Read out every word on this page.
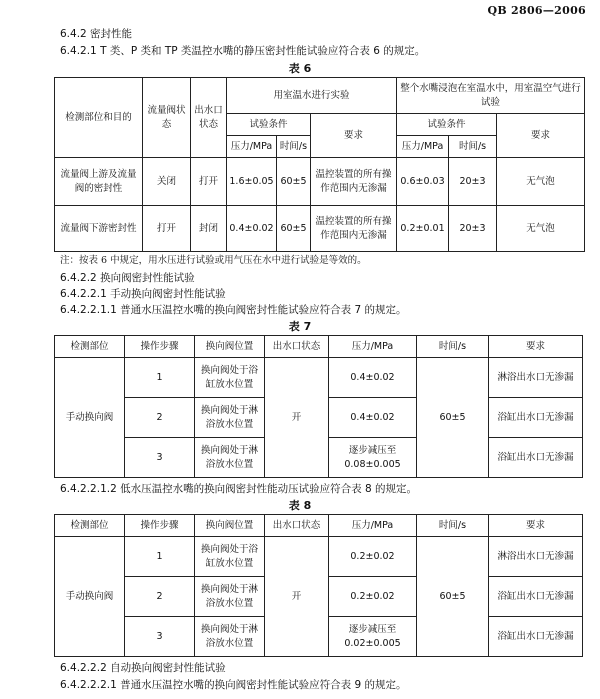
QB 2806—2006
6.4.2 密封性能
6.4.2.1 T 类、P 类和 TP 类温控水嘴的静压密封性能试验应符合表 6 的规定。
表 6
检测部位和目的	流量阀状态	出水口状态	用室温水进行实验			整个水嘴浸泡在室温水中，用室温空气进行试验		
			试验条件		要求	试验条件		要求
			压力/MPa	时间/s		压力/MPa	时间/s	
流量阀上游及流量阀的密封性	关闭	打开	1.6±0.05	60±5	温控装置的所有操作范围内无渗漏	0.6±0.03	20±3	无气泡
流量阀下游密封性	打开	封闭	0.4±0.02	60±5	温控装置的所有操作范围内无渗漏	0.2±0.01	20±3	无气泡
注：按表 6 中规定，用水压进行试验或用气压在水中进行试验是等效的。
6.4.2.2 换向阀密封性能试验
6.4.2.2.1 手动换向阀密封性能试验
6.4.2.2.1.1 普通水压温控水嘴的换向阀密封性能试验应符合表 7 的规定。
表 7
检测部位	操作步骤	换向阀位置	出水口状态	压力/MPa	时间/s	要求
手动换向阀	1	换向阀处于浴缸放水位置	开	0.4±0.02	60±5	淋浴出水口无渗漏
	2	换向阀处于淋浴放水位置		0.4±0.02		浴缸出水口无渗漏
	3	换向阀处于淋浴放水位置		逐步减压至0.08±0.005		浴缸出水口无渗漏
6.4.2.2.1.2 低水压温控水嘴的换向阀密封性能动压试验应符合表 8 的规定。
表 8
检测部位	操作步骤	换向阀位置	出水口状态	压力/MPa	时间/s	要求
手动换向阀	1	换向阀处于浴缸放水位置	开	0.2±0.02	60±5	淋浴出水口无渗漏
	2	换向阀处于淋浴放水位置		0.2±0.02		浴缸出水口无渗漏
	3	换向阀处于淋浴放水位置		逐步减压至0.02±0.005		浴缸出水口无渗漏
6.4.2.2.2 自动换向阀密封性能试验
6.4.2.2.2.1 普通水压温控水嘴的换向阀密封性能试验应符合表 9 的规定。
